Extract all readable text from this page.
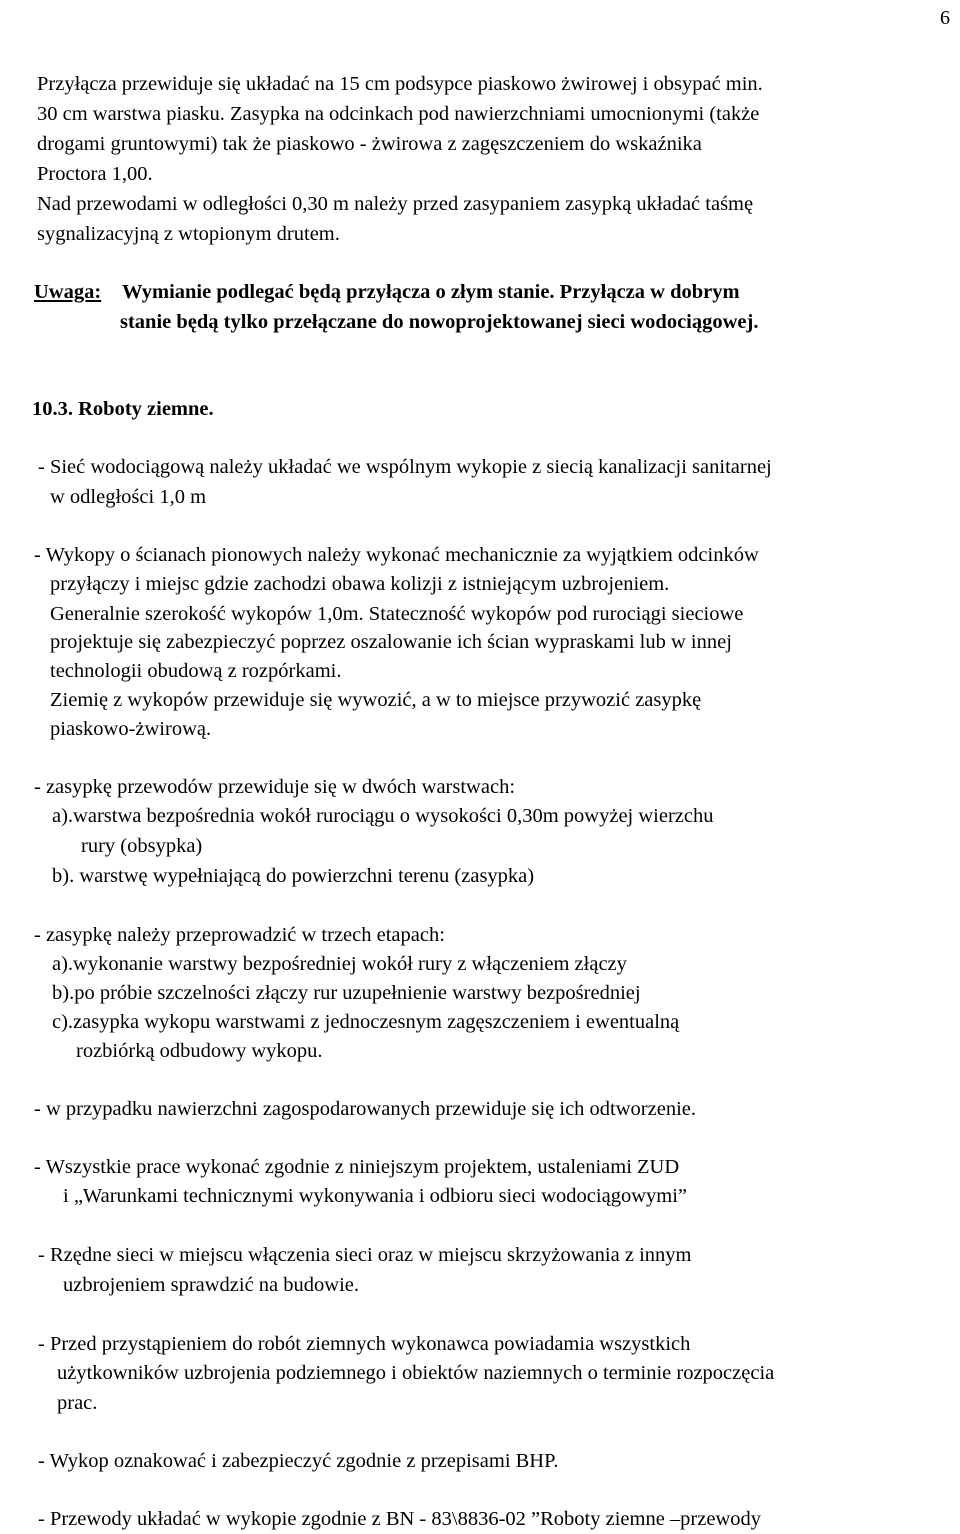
6
Przyłącza przewiduje się układać na 15 cm podsypce piaskowo żwirowej i obsypać min.
30 cm warstwa piasku. Zasypka na odcinkach pod nawierzchniami umocnionymi (także
drogami gruntowymi) tak że piaskowo - żwirowa z zagęszczeniem do wskaźnika
Proctora 1,00.
Nad przewodami w odległości 0,30 m należy przed zasypaniem zasypką układać taśmę
sygnalizacyjną z wtopionym drutem.
Uwaga: Wymianie podlegać będą przyłącza o złym stanie. Przyłącza w dobrym
stanie będą tylko przełączane do nowoprojektowanej sieci wodociągowej.
10.3. Roboty ziemne.
- Sieć wodociągową należy układać we wspólnym wykopie z siecią kanalizacji sanitarnej
w odległości 1,0 m
- Wykopy o ścianach pionowych należy wykonać mechanicznie za wyjątkiem odcinków
przyłączy i miejsc gdzie zachodzi obawa kolizji z istniejącym uzbrojeniem.
Generalnie szerokość wykopów 1,0m. Stateczność wykopów pod rurociągi sieciowe
projektuje się zabezpieczyć poprzez oszalowanie ich ścian wypraskami lub w innej
technologii obudową z rozpórkami.
Ziemię z wykopów przewiduje się wywozić, a w to miejsce przywozić zasypkę
piaskowo-żwirową.
- zasypkę przewodów przewiduje się w dwóch warstwach:
a).warstwa bezpośrednia wokół rurociągu o wysokości 0,30m powyżej wierzchu
rury (obsypka)
b). warstwę wypełniającą do powierzchni terenu (zasypka)
- zasypkę należy przeprowadzić w trzech etapach:
a).wykonanie warstwy bezpośredniej wokół rury z włączeniem złączy
b).po próbie szczelności złączy rur uzupełnienie warstwy bezpośredniej
c).zasypka wykopu warstwami z jednoczesnym zagęszczeniem i ewentualną
rozbiórką odbudowy wykopu.
- w przypadku nawierzchni zagospodarowanych przewiduje się ich odtworzenie.
- Wszystkie prace wykonać zgodnie z niniejszym projektem, ustaleniami ZUD
i „Warunkami technicznymi wykonywania i odbioru sieci wodociągowymi”
- Rzędne sieci w miejscu włączenia sieci oraz w miejscu skrzyżowania z innym
uzbrojeniem sprawdzić na budowie.
- Przed przystąpieniem do robót ziemnych wykonawca powiadamia wszystkich
użytkowników uzbrojenia podziemnego i obiektów naziemnych o terminie rozpoczęcia
prac.
- Wykop oznakować i zabezpieczyć zgodnie z przepisami BHP.
- Przewody układać w wykopie zgodnie z BN - 83\8836-02 ”Roboty ziemne –przewody
